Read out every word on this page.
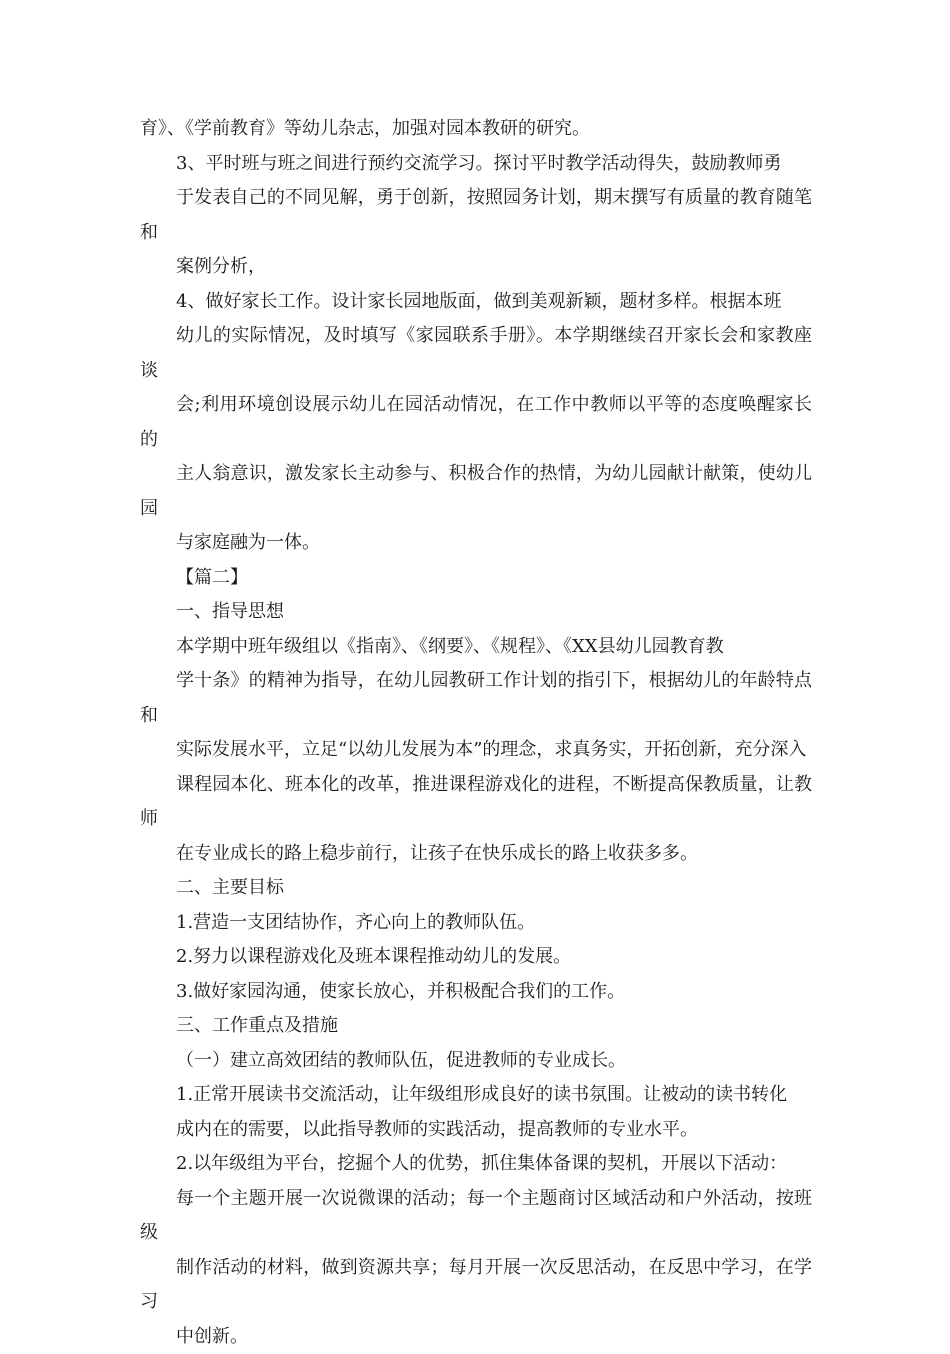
育》、《学前教育》等幼儿杂志，加强对园本教研的研究。

3、平时班与班之间进行预约交流学习。探讨平时教学活动得失，鼓励教师勇
于发表自己的不同见解，勇于创新，按照园务计划，期末撰写有质量的教育随笔和
案例分析，

4、做好家长工作。设计家长园地版面，做到美观新颖，题材多样。根据本班
幼儿的实际情况，及时填写《家园联系手册》。本学期继续召开家长会和家教座谈
会;利用环境创设展示幼儿在园活动情况，在工作中教师以平等的态度唤醒家长的
主人翁意识，激发家长主动参与、积极合作的热情，为幼儿园献计献策，使幼儿园
与家庭融为一体。

【篇二】

一、指导思想

本学期中班年级组以《指南》、《纲要》、《规程》、《XX县幼儿园教育教
学十条》的精神为指导，在幼儿园教研工作计划的指引下，根据幼儿的年龄特点和
实际发展水平，立足“以幼儿发展为本”的理念，求真务实，开拓创新，充分深入
课程园本化、班本化的改革，推进课程游戏化的进程，不断提高保教质量，让教师
在专业成长的路上稳步前行，让孩子在快乐成长的路上收获多多。

二、主要目标

1.营造一支团结协作，齐心向上的教师队伍。

2.努力以课程游戏化及班本课程推动幼儿的发展。

3.做好家园沟通，使家长放心，并积极配合我们的工作。

三、工作重点及措施

（一）建立高效团结的教师队伍，促进教师的专业成长。

1.正常开展读书交流活动，让年级组形成良好的读书氛围。让被动的读书转化
成内在的需要，以此指导教师的实践活动，提高教师的专业水平。

2.以年级组为平台，挖掘个人的优势，抓住集体备课的契机，开展以下活动：
每一个主题开展一次说微课的活动；每一个主题商讨区域活动和户外活动，按班级
制作活动的材料，做到资源共享；每月开展一次反思活动，在反思中学习，在学习
中创新。
